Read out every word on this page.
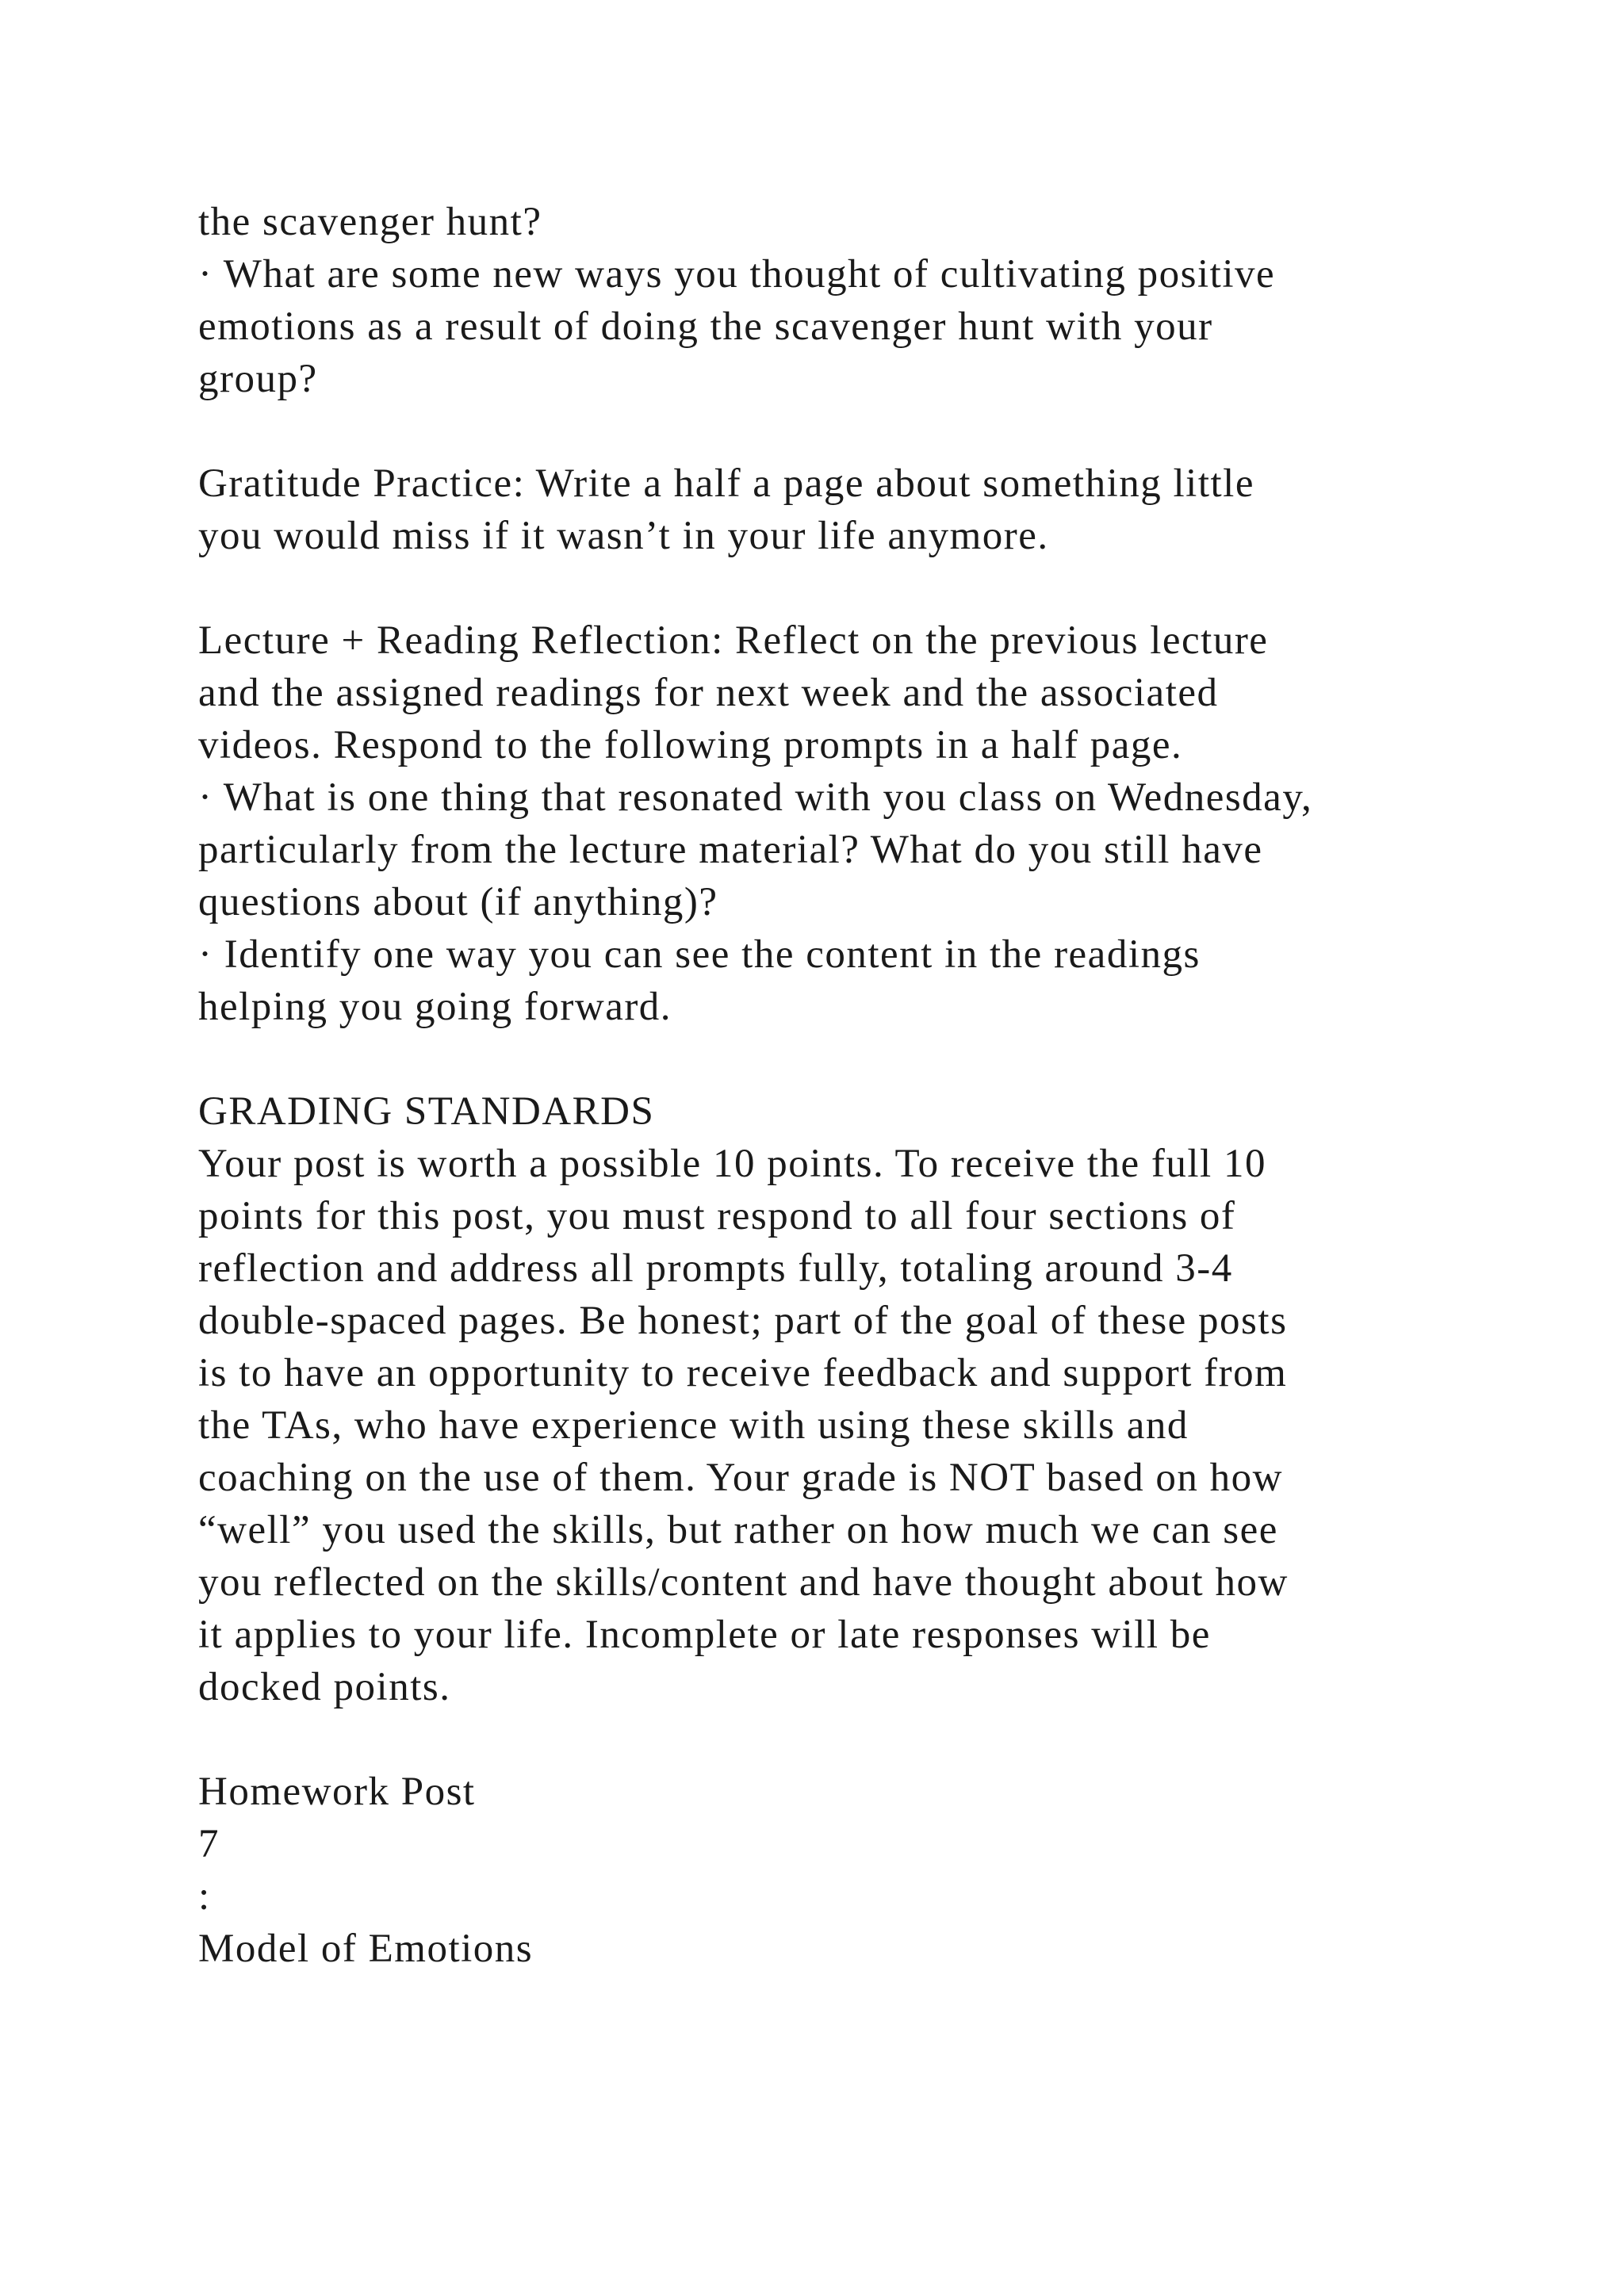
the scavenger hunt?
· What are some new ways you thought of cultivating positive
emotions as a result of doing the scavenger hunt with your
group?
Gratitude Practice: Write a half a page about something little
you would miss if it wasn’t in your life anymore.
Lecture + Reading Reflection: Reflect on the previous lecture
and the assigned readings for next week and the associated
videos. Respond to the following prompts in a half page.
· What is one thing that resonated with you class on Wednesday,
particularly from the lecture material? What do you still have
questions about (if anything)?
· Identify one way you can see the content in the readings
helping you going forward.
GRADING STANDARDS
Your post is worth a possible 10 points. To receive the full 10
points for this post, you must respond to all four sections of
reflection and address all prompts fully, totaling around 3-4
double-spaced pages. Be honest; part of the goal of these posts
is to have an opportunity to receive feedback and support from
the TAs, who have experience with using these skills and
coaching on the use of them. Your grade is NOT based on how
“well” you used the skills, but rather on how much we can see
you reflected on the skills/content and have thought about how
it applies to your life. Incomplete or late responses will be
docked points.
Homework Post
7
:
Model of Emotions
